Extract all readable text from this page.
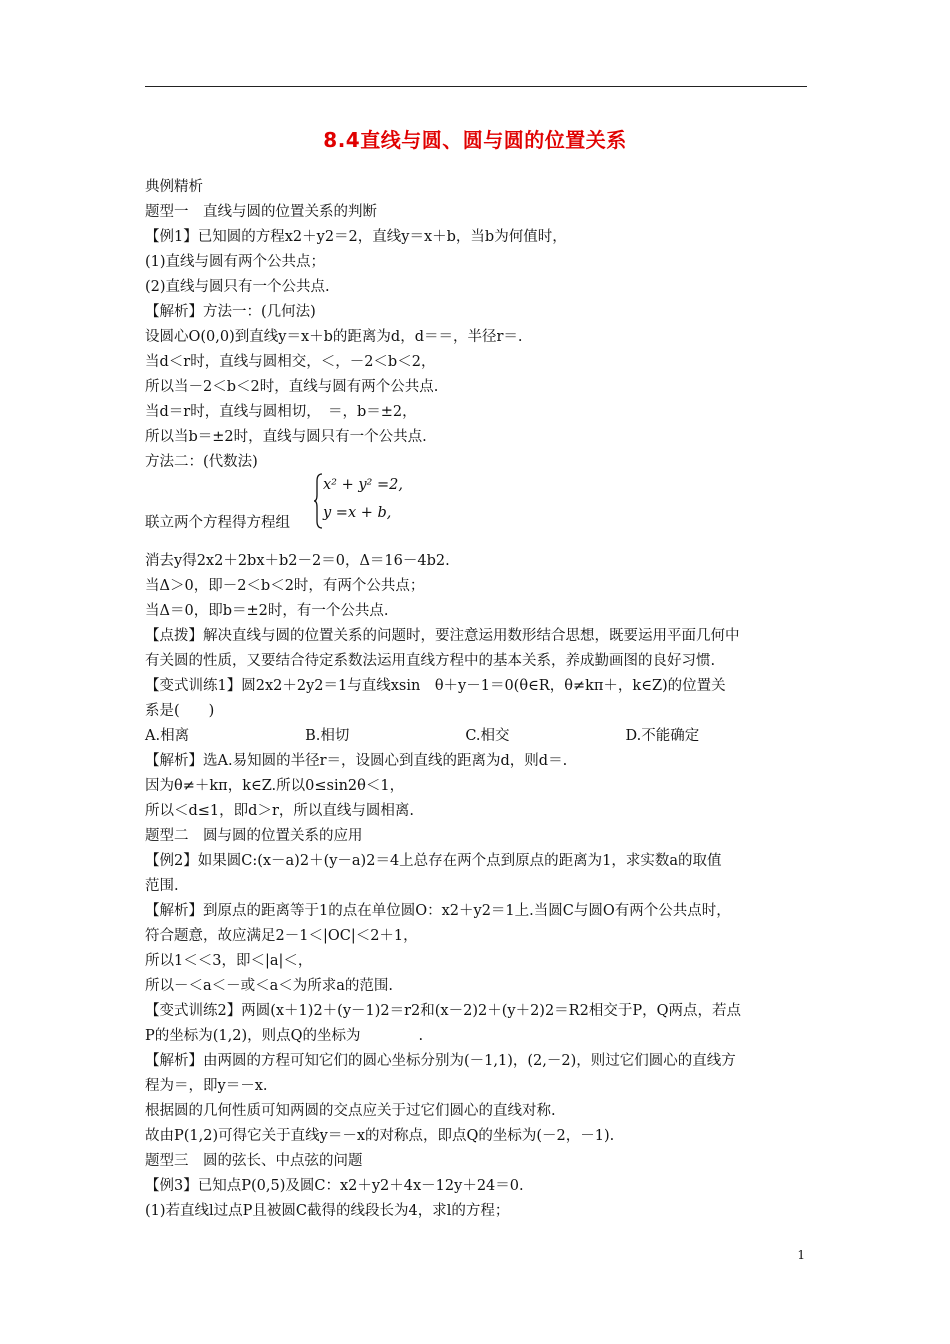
8.4直线与圆、圆与圆的位置关系
典例精析
题型一　直线与圆的位置关系的判断
【例1】已知圆的方程x2＋y2＝2，直线y＝x＋b，当b为何值时，
(1)直线与圆有两个公共点；
(2)直线与圆只有一个公共点.
【解析】方法一：(几何法)
设圆心O(0,0)到直线y＝x＋b的距离为d，d＝＝，半径r＝.
当d＜r时，直线与圆相交，＜，－2＜b＜2，
所以当－2＜b＜2时，直线与圆有两个公共点.
当d＝r时，直线与圆相切，　＝，b＝±2，
所以当b＝±2时，直线与圆只有一个公共点.
方法二：(代数法)
x² + y² =2,
y =x + b,
联立两个方程得方程组
消去y得2x2＋2bx＋b2－2＝0，Δ＝16－4b2.
当Δ＞0，即－2＜b＜2时，有两个公共点；
当Δ＝0，即b＝±2时，有一个公共点.
【点拨】解决直线与圆的位置关系的问题时，要注意运用数形结合思想，既要运用平面几何中
有关圆的性质，又要结合待定系数法运用直线方程中的基本关系，养成勤画图的良好习惯.
【变式训练1】圆2x2＋2y2＝1与直线xsin　θ＋y－1＝0(θ∈R，θ≠kπ＋，k∈Z)的位置关
系是(　　)
A.相离　　　　　　　　B.相切　　　　　　　　C.相交　　　　　　　　D.不能确定
【解析】选A.易知圆的半径r＝，设圆心到直线的距离为d，则d＝.
因为θ≠＋kπ，k∈Z.所以0≤sin2θ＜1，
所以＜d≤1，即d＞r，所以直线与圆相离.
题型二　圆与圆的位置关系的应用
【例2】如果圆C:(x－a)2＋(y－a)2＝4上总存在两个点到原点的距离为1，求实数a的取值
范围.
【解析】到原点的距离等于1的点在单位圆O：x2＋y2＝1上.当圆C与圆O有两个公共点时，
符合题意，故应满足2－1＜|OC|＜2＋1，
所以1＜＜3，即＜|a|＜，
所以－＜a＜－或＜a＜为所求a的范围.
【变式训练2】两圆(x＋1)2＋(y－1)2＝r2和(x－2)2＋(y＋2)2＝R2相交于P，Q两点，若点
P的坐标为(1,2)，则点Q的坐标为　　　　.
【解析】由两圆的方程可知它们的圆心坐标分别为(－1,1)，(2,－2)，则过它们圆心的直线方
程为＝，即y＝－x.
根据圆的几何性质可知两圆的交点应关于过它们圆心的直线对称.
故由P(1,2)可得它关于直线y＝－x的对称点，即点Q的坐标为(－2，－1).
题型三　圆的弦长、中点弦的问题
【例3】已知点P(0,5)及圆C：x2＋y2＋4x－12y＋24＝0.
(1)若直线l过点P且被圆C截得的线段长为4，求l的方程；
1
